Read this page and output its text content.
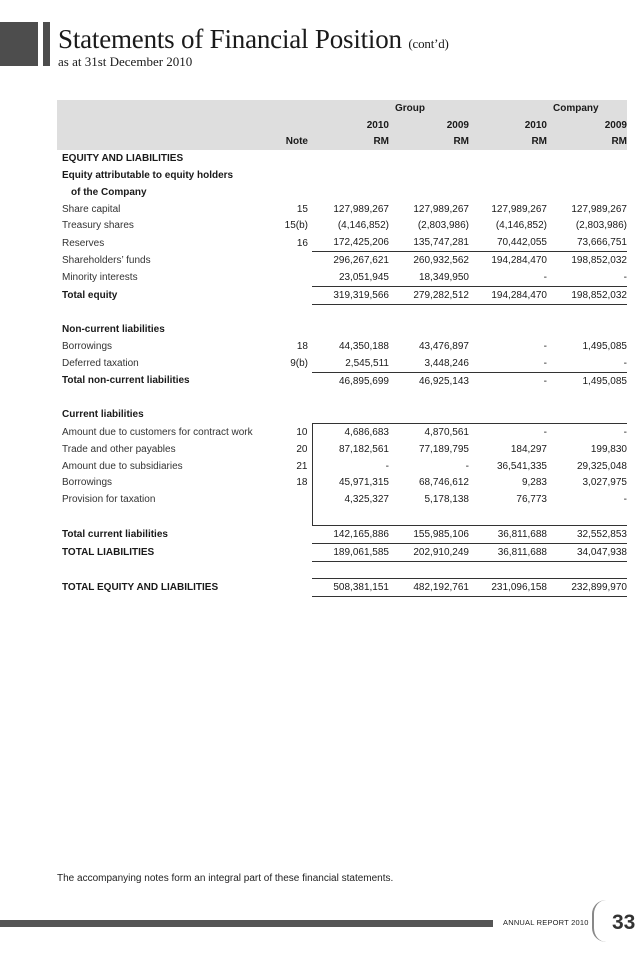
Statements of Financial Position (cont’d)
as at 31st December 2010
			Group		Company
		2010	2009	2010	2009
	Note	RM	RM	RM	RM
EQUITY AND LIABILITIES					
Equity attributable to equity holders					
of the Company					
Share capital	15	127,989,267	127,989,267	127,989,267	127,989,267
Treasury shares	15(b)	(4,146,852)	(2,803,986)	(4,146,852)	(2,803,986)
Reserves	16	172,425,206	135,747,281	70,442,055	73,666,751
Shareholders’ funds		296,267,621	260,932,562	194,284,470	198,852,032
Minority interests		23,051,945	18,349,950	-	-
Total equity		319,319,566	279,282,512	194,284,470	198,852,032

Non-current liabilities					
Borrowings	18	44,350,188	43,476,897	-	1,495,085
Deferred taxation	9(b)	2,545,511	3,448,246	-	-
Total non-current liabilities		46,895,699	46,925,143	-	1,495,085

Current liabilities					
Amount due to customers for contract work	10	4,686,683	4,870,561	-	-
Trade and other payables	20	87,182,561	77,189,795	184,297	199,830
Amount due to subsidiaries	21	-	-	36,541,335	29,325,048
Borrowings	18	45,971,315	68,746,612	9,283	3,027,975
Provision for taxation		4,325,327	5,178,138	76,773	-

Total current liabilities		142,165,886	155,985,106	36,811,688	32,552,853
TOTAL LIABILITIES		189,061,585	202,910,249	36,811,688	34,047,938

TOTAL EQUITY AND LIABILITIES		508,381,151	482,192,761	231,096,158	232,899,970
The accompanying notes form an integral part of these financial statements.
ANNUAL REPORT 2010 33
